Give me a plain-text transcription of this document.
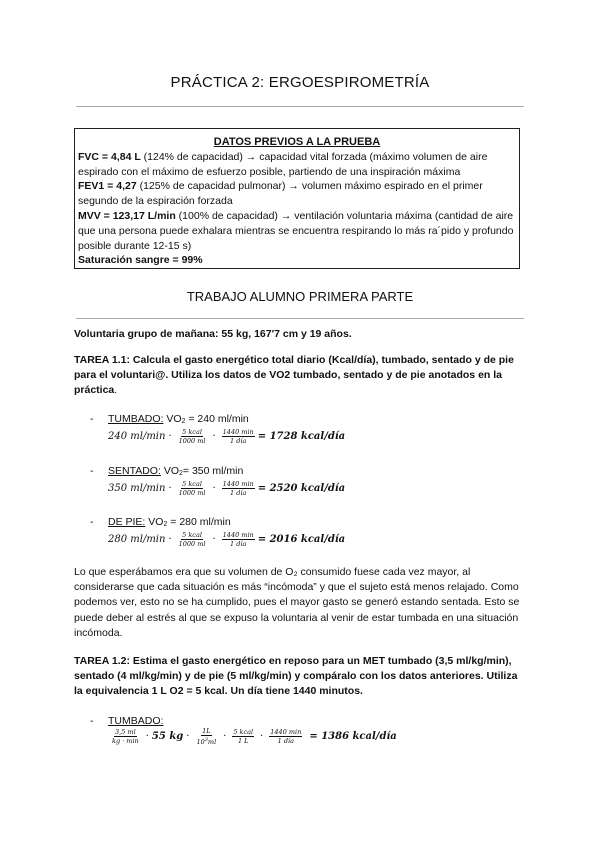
PRÁCTICA 2: ERGOESPIROMETRÍA
DATOS PREVIOS A LA PRUEBA

FVC = 4,84 L (124% de capacidad) → capacidad vital forzada (máximo volumen de aire espirado con el máximo de esfuerzo posible, partiendo de una inspiración máxima

FEV1 = 4,27 (125% de capacidad pulmonar) → volumen máximo espirado en el primer segundo de la espiración forzada

MVV = 123,17 L/min (100% de capacidad) → ventilación voluntaria máxima (cantidad de aire que una persona puede exhalara mientras se encuentra respirando lo más ra´pido y profundo posible durante 12-15 s)

Saturación sangre = 99%

TRABAJO ALUMNO PRIMERA PARTE
Voluntaria grupo de mañana: 55 kg, 167'7 cm y 19 años.
TAREA 1.1: Calcula el gasto energético total diario (Kcal/día), tumbado, sentado y de pie para el voluntari@. Utiliza los datos de VO2 tumbado, sentado y de pie anotados en la práctica.
- TUMBADO: VO2 = 240 ml/min
240 $ml/\min \cdot \frac{\text{5 kcal}}{1000 ml} \cdot \frac{1440 \min}{\text{1 día}} = 1728$ kcal/día
- SENTADO: VO2= 350 ml/min
350 $ml/\min \cdot \frac{\text{5 kcal}}{1000 ml} \cdot \frac{1440 \min}{\text{1 día}} = 2520$ kcal/día
- DE PIE: VO2 = 280 ml/min
280 $ml/\min \cdot \frac{\text{5 kcal}}{1000 ml} \cdot \frac{1440 \min}{\text{1 día}} = 2016$ kcal/día
Lo que esperábamos era que su volumen de O₂ consumido fuese cada vez mayor, al considerarse que cada situación es más “incómoda” y que el sujeto está menos relajado. Como podemos ver, esto no se ha cumplido, pues el mayor gasto se generó estando sentada. Esto se puede deber al estrés al que se expuso la voluntaria al venir de estar tumbada en una situación incómoda.
TAREA 1.2: Estima el gasto energético en reposo para un MET tumbado (3,5 ml/kg/min), sentado (4 ml/kg/min) y de pie (5 ml/kg/min) y compáralo con los datos anteriores. Utiliza la equivalencia 1 L O2 = 5 kcal. Un día tiene 1440 minutos.
- TUMBADO:
$\frac{3,5 ml}{kg \cdot \min} \cdot 55$ kg · $\frac{1L}{10^3ml} \cdot \frac{\text{5 kcal}}{1 L} \cdot \frac{1440 \min}{\text{1 día}} = 1386$ kcal/día
